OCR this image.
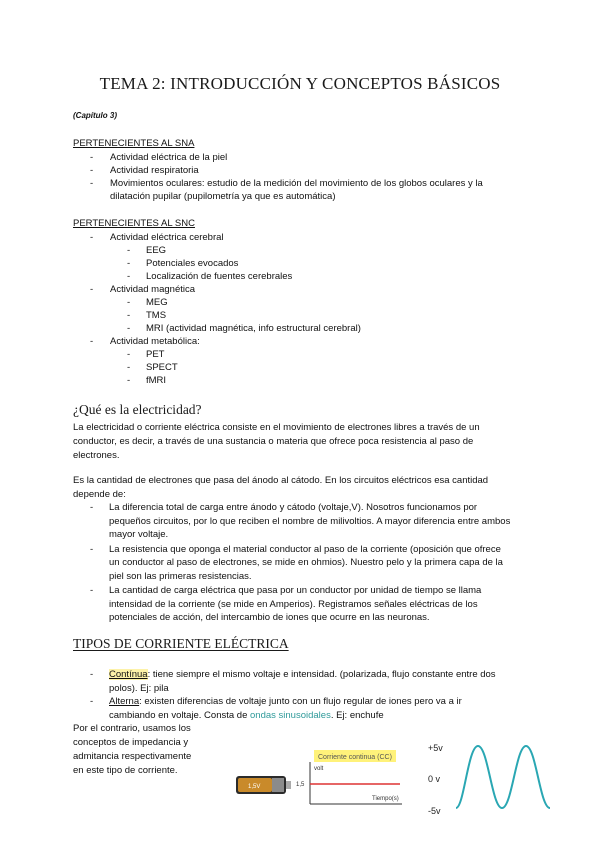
TEMA 2: INTRODUCCIÓN Y CONCEPTOS BÁSICOS
(Capítulo 3)
PERTENECIENTES AL SNA
- Actividad eléctrica de la piel
- Actividad respiratoria
- Movimientos oculares: estudio de la medición del movimiento de los globos oculares y la dilatación pupilar (pupilometría ya que es automática)
PERTENECIENTES AL SNC
- Actividad eléctrica cerebral
- EEG
- Potenciales evocados
- Localización de fuentes cerebrales
- Actividad magnética
- MEG
- TMS
- MRI (actividad magnética, info estructural cerebral)
- Actividad metabólica:
- PET
- SPECT
- fMRI
¿Qué es la electricidad?

La electricidad o corriente eléctrica consiste en el movimiento de electrones libres a través de un conductor, es decir, a través de una sustancia o materia que ofrece poca resistencia al paso de electrones.

Es la cantidad de electrones que pasa del ánodo al cátodo. En los circuitos eléctricos esa cantidad depende de:

- La diferencia total de carga entre ánodo y cátodo (voltaje,V). Nosotros funcionamos por pequeños circuitos, por lo que reciben el nombre de milivoltios. A mayor diferencia entre ambos mayor voltaje.
- La resistencia que oponga el material conductor al paso de la corriente (oposición que ofrece un conductor al paso de electrones, se mide en ohmios). Nuestro pelo y la primera capa de la piel son las primeras resistencias.
- La cantidad de carga eléctrica que pasa por un conductor por unidad de tiempo se llama intensidad de la corriente (se mide en Amperios). Registramos señales eléctricas de los potenciales de acción, del intercambio de iones que ocurre en las neuronas.
TIPOS DE CORRIENTE ELÉCTRICA
- Contínua: tiene siempre el mismo voltaje e intensidad. (polarizada, flujo constante entre dos polos). Ej: pila
- Alterna: existen diferencias de voltaje junto con un flujo regular de iones pero va a ir cambiando en voltaje. Consta de ondas sinusoidales. Ej: enchufe

Por el contrario, usamos los conceptos de impedancia y admitancia respectivamente en este tipo de corriente.

1,5V
Corriente continua (CC)
volt
1,5
Tiempo(s)
+5v
0 v
-5v
